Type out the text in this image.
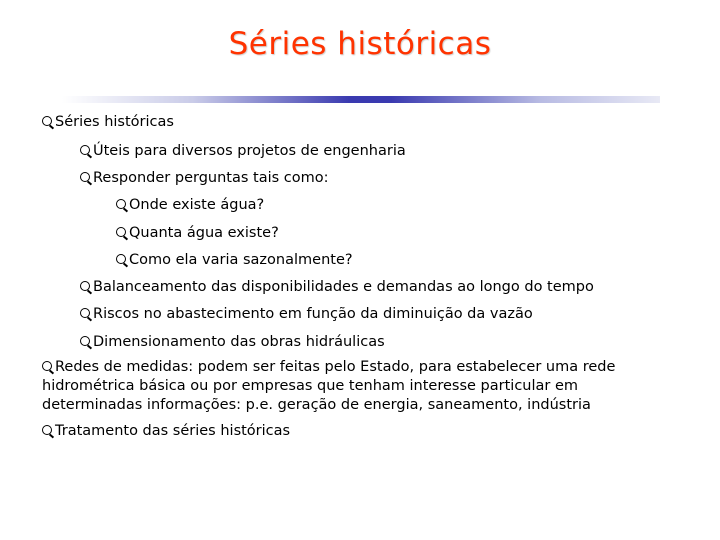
Séries históricas
Séries históricas
Úteis para diversos projetos de engenharia
Responder perguntas tais como:
Onde existe água?
Quanta água existe?
Como ela varia sazonalmente?
Balanceamento das disponibilidades e demandas ao longo do tempo
Riscos no abastecimento em função da diminuição da vazão
Dimensionamento das obras hidráulicas
Redes de medidas: podem ser feitas pelo Estado, para estabelecer uma rede hidrométrica básica ou por empresas que tenham interesse particular em determinadas informações: p.e. geração de energia, saneamento, indústria
Tratamento das séries históricas
